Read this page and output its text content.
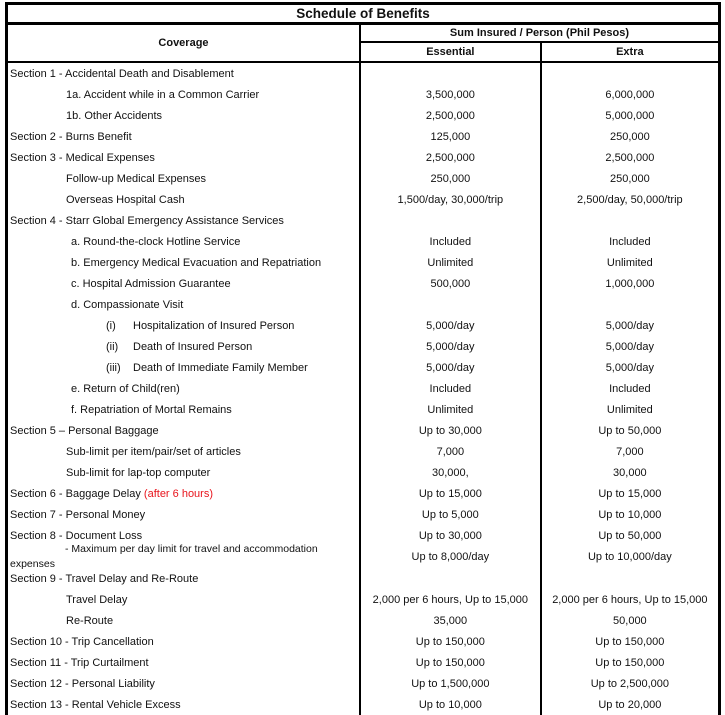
Schedule of Benefits		
Coverage	Sum Insured / Person (Phil Pesos)	
	Essential	Extra
Section 1 - Accidental Death and Disablement		
1a. Accident while in a Common Carrier	3,500,000	6,000,000
1b. Other Accidents	2,500,000	5,000,000
Section 2 - Burns Benefit	125,000	250,000
Section 3 - Medical Expenses	2,500,000	2,500,000
Follow-up Medical Expenses	250,000	250,000
Overseas Hospital Cash	1,500/day, 30,000/trip	2,500/day, 50,000/trip
Section 4 - Starr Global Emergency Assistance Services		
a. Round-the-clock Hotline Service	Included	Included
b. Emergency Medical Evacuation and Repatriation	Unlimited	Unlimited
c. Hospital Admission Guarantee	500,000	1,000,000
d. Compassionate Visit		
(i) Hospitalization of Insured Person	5,000/day	5,000/day
(ii) Death of Insured Person	5,000/day	5,000/day
(iii) Death of Immediate Family Member	5,000/day	5,000/day
e. Return of Child(ren)	Included	Included
f. Repatriation of Mortal Remains	Unlimited	Unlimited
Section 5 – Personal Baggage	Up to 30,000	Up to 50,000
Sub-limit per item/pair/set of articles	7,000	7,000
Sub-limit for lap-top computer	30,000,	30,000
Section 6 - Baggage Delay (after 6 hours)	Up to 15,000	Up to 15,000
Section 7 - Personal Money	Up to 5,000	Up to 10,000
Section 8 - Document Loss	Up to 30,000	Up to 50,000

- Maximum per day limit for travel and accommodation
expenses	Up to 8,000/day	Up to 10,000/day
Section 9 - Travel Delay and Re-Route		
Travel Delay	2,000 per 6 hours, Up to 15,000	2,000 per 6 hours, Up to 15,000
Re-Route	35,000	50,000
Section 10 - Trip Cancellation	Up to 150,000	Up to 150,000
Section 11 - Trip Curtailment	Up to 150,000	Up to 150,000
Section 12 - Personal Liability	Up to 1,500,000	Up to 2,500,000
Section 13 - Rental Vehicle Excess	Up to 10,000	Up to 20,000
